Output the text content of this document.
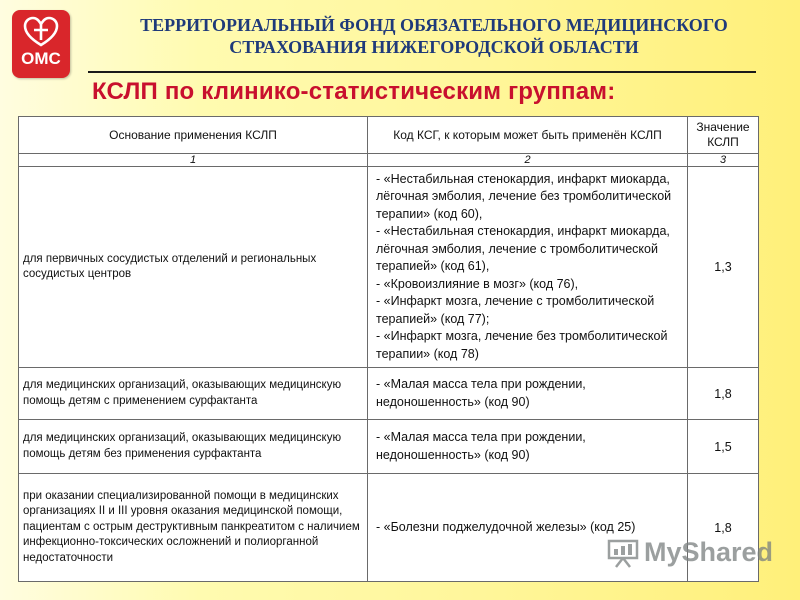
ОМС
ТЕРРИТОРИАЛЬНЫЙ ФОНД ОБЯЗАТЕЛЬНОГО МЕДИЦИНСКОГО
СТРАХОВАНИЯ НИЖЕГОРОДСКОЙ ОБЛАСТИ
КСЛП по клинико-статистическим группам:
Основание применения КСЛП	Код КСГ, к которым может быть применён КСЛП	Значение КСЛП
1	2	3
для первичных сосудистых отделений и региональных сосудистых центров	- «Нестабильная стенокардия, инфаркт миокарда, лёгочная эмболия, лечение без тромболитической терапии» (код 60),
- «Нестабильная стенокардия, инфаркт миокарда, лёгочная эмболия, лечение с тромболитической терапией» (код 61),
- «Кровоизлияние в мозг» (код 76),
- «Инфаркт мозга, лечение с тромболитической терапией» (код 77);
- «Инфаркт мозга, лечение без тромболитической терапии» (код 78)	1,3
для медицинских организаций, оказывающих медицинскую помощь детям с применением сурфактанта	- «Малая масса тела при рождении, недоношенность» (код 90)	1,8
для медицинских организаций, оказывающих медицинскую помощь детям без применения сурфактанта	- «Малая масса тела при рождении, недоношенность» (код 90)	1,5
при оказании специализированной помощи в медицинских организациях II и III уровня оказания медицинской помощи, пациентам с острым деструктивным панкреатитом с наличием инфекционно-токсических осложнений и полиорганной недостаточности	- «Болезни поджелудочной железы» (код 25)	1,8
MyShared
